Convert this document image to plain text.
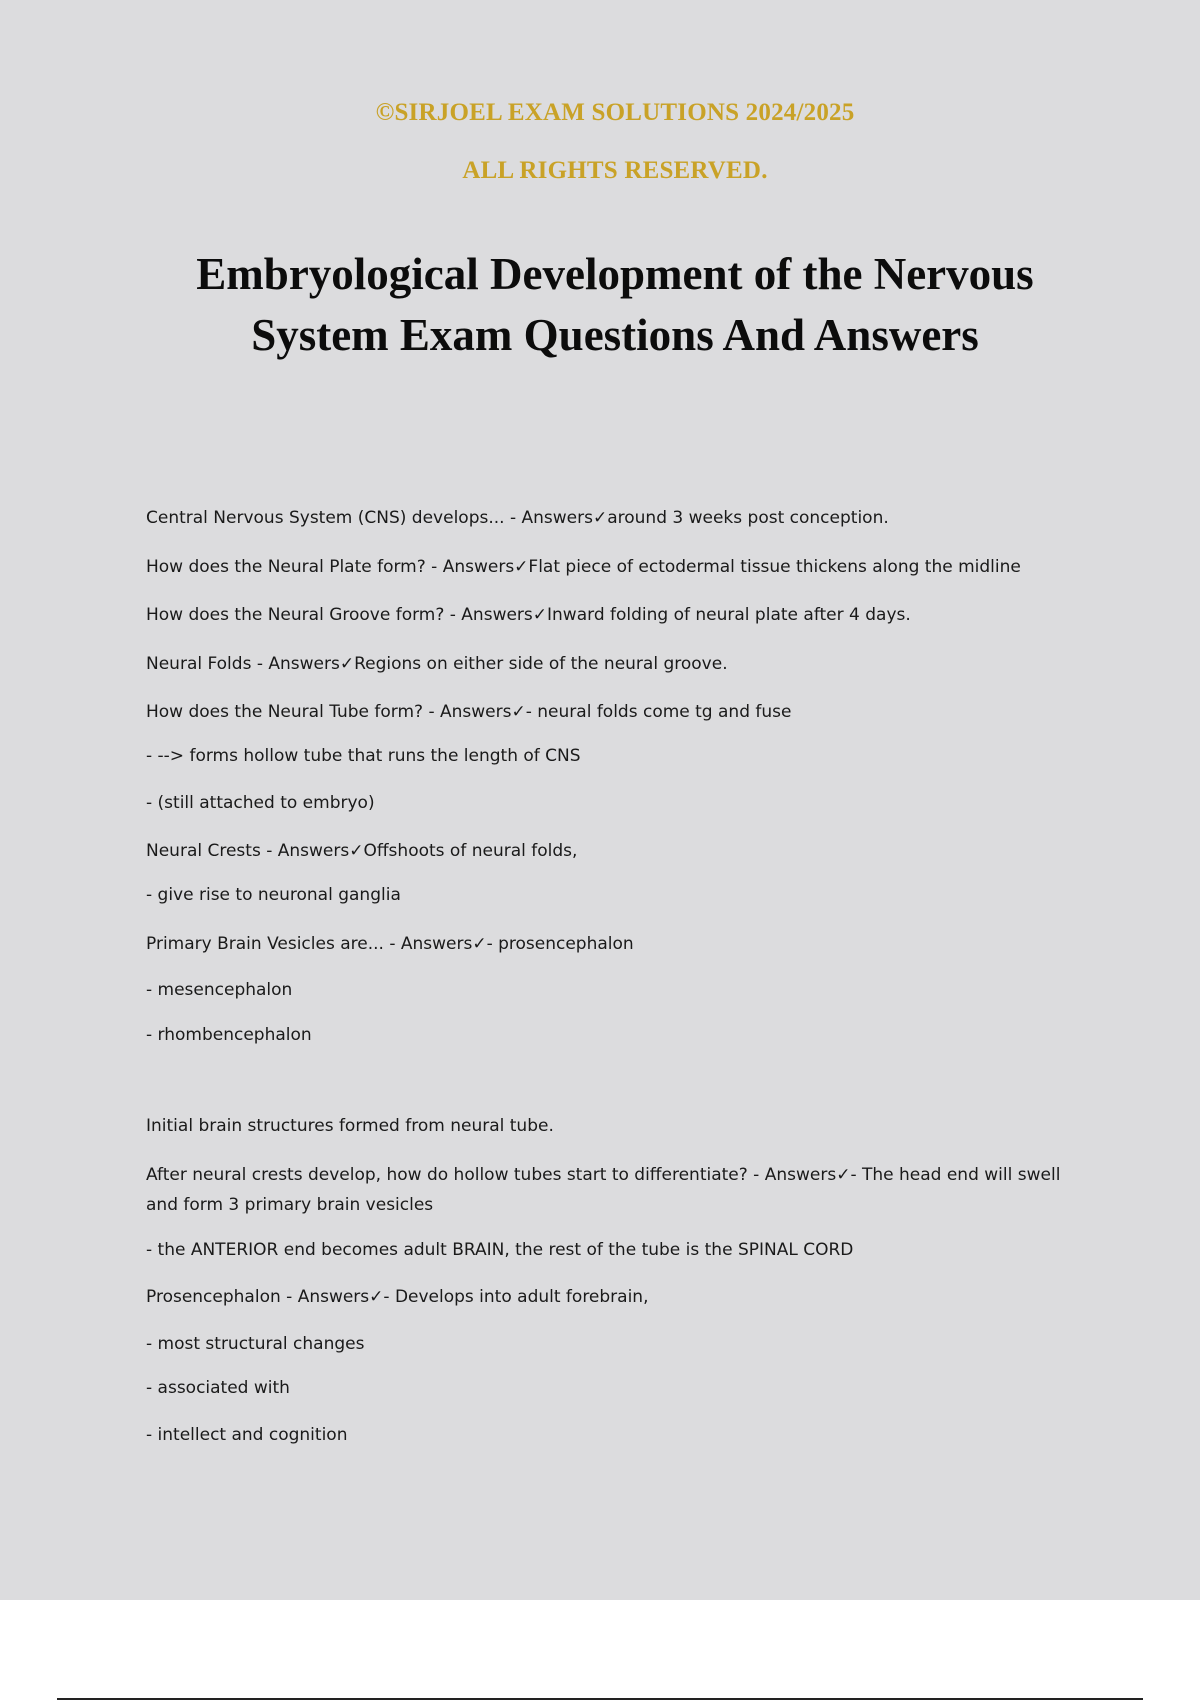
©SIRJOEL EXAM SOLUTIONS 2024/2025
ALL RIGHTS RESERVED.
Embryological Development of the Nervous
System Exam Questions And Answers
Central Nervous System (CNS) develops... - Answers✓around 3 weeks post conception.
How does the Neural Plate form? - Answers✓Flat piece of ectodermal tissue thickens along the midline
How does the Neural Groove form? - Answers✓Inward folding of neural plate after 4 days.
Neural Folds - Answers✓Regions on either side of the neural groove.
How does the Neural Tube form? - Answers✓- neural folds come tg and fuse
- --> forms hollow tube that runs the length of CNS
- (still attached to embryo)
Neural Crests - Answers✓Offshoots of neural folds,
- give rise to neuronal ganglia
Primary Brain Vesicles are... - Answers✓- prosencephalon
- mesencephalon
- rhombencephalon
Initial brain structures formed from neural tube.
After neural crests develop, how do hollow tubes start to differentiate? - Answers✓- The head end will swell and form 3 primary brain vesicles
- the ANTERIOR end becomes adult BRAIN, the rest of the tube is the SPINAL CORD
Prosencephalon - Answers✓- Develops into adult forebrain,
- most structural changes
- associated with
- intellect and cognition
